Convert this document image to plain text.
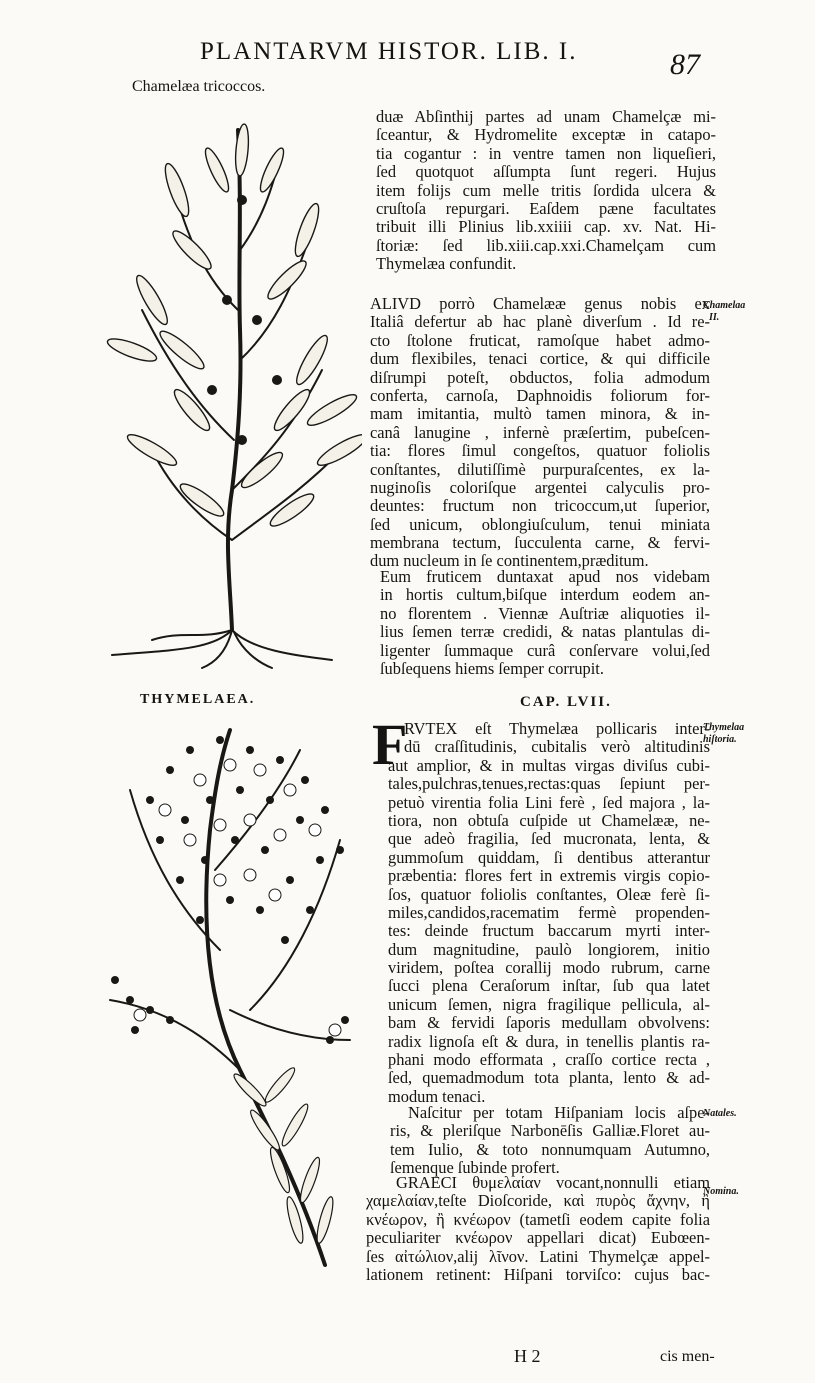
PLANTARVM HISTOR. LIB. I.	87
Chamelæa tricoccos.
THYMELAEA.
duæ Abſinthij partes ad unam Chamelçæ mi-
ſceantur, & Hydromelite exceptæ in catapo-
tia cogantur : in ventre tamen non liqueſieri,
ſed quotquot aſſumpta ſunt regeri. Hujus
item folijs cum melle tritis ſordida ulcera &
cruſtoſa repurgari. Eaſdem pæne facultates
tribuit illi Plinius lib.xxiiii cap. xv. Nat. Hi-
ſtoriæ: ſed lib.xiii.cap.xxi.Chamelçam cum
Thymelæa confundit.
ALIVD porrò Chamelææ genus nobis ex
Italiâ defertur ab hac planè diverſum . Id re-
cto ſtolone fruticat, ramoſque habet admo-
dum flexibiles, tenaci cortice, & qui difficile
diſrumpi poteſt, obductos, folia admodum
conferta, carnoſa, Daphnoidis foliorum for-
mam imitantia, multò tamen minora, & in-
canâ lanugine , infernè præſertim, pubeſcen-
tia: flores ſimul congeſtos, quatuor foliolis
conſtantes, dilutiſſimè purpuraſcentes, ex la-
nuginoſis coloriſque argentei calyculis pro-
deuntes: fructum non tricoccum,ut ſuperior,
ſed unicum, oblongiuſculum, tenui miniata
membrana tectum, ſucculenta carne, & fervi-
dum nucleum in ſe continentem,præditum.
Eum fruticem duntaxat apud nos videbam
in hortis cultum,biſque interdum eodem an-
no florentem . Viennæ Auſtriæ aliquoties il-
lius ſemen terræ credidi, & natas plantulas di-
ligenter ſummaque curâ conſervare volui,ſed
ſubſequens hiems ſemper corrupit.
CAP. LVII.
F
RVTEX eſt Thymelæa pollicaris inter-
dū craſſitudinis, cubitalis verò altitudinis
aut amplior, & in multas virgas diviſus cubi-
tales,pulchras,tenues,rectas:quas ſepiunt per-
petuò virentia folia Lini ferè , ſed majora , la-
tiora, non obtuſa cuſpide ut Chamelææ, ne-
que adeò fragilia, ſed mucronata, lenta, &
gummoſum quiddam, ſi dentibus atterantur
præbentia: flores fert in extremis virgis copio-
ſos, quatuor foliolis conſtantes, Oleæ ferè ſi-
miles,candidos,racematim fermè propenden-
tes: deinde fructum baccarum myrti inter-
dum magnitudine, paulò longiorem, initio
viridem, poſtea corallij modo rubrum, carne
ſucci plena Ceraſorum inſtar, ſub qua latet
unicum ſemen, nigra fragilique pellicula, al-
bam & fervidi ſaporis medullam obvolvens:
radix lignoſa eſt & dura, in tenellis plantis ra-
phani modo efformata , craſſo cortice recta ,
ſed, quemadmodum tota planta, lento & ad-
modum tenaci.
Naſcitur per totam Hiſpaniam locis aſpe-
ris, & pleriſque Narbonēſis Galliæ.Floret au-
tem Iulio, & toto nonnumquam Autumno,
ſemenque ſubinde profert.
GRAECI θυμελαίαν vocant,nonnulli etiam
χαμελαίαν,teſte Dioſcoride, καὶ πυρὸς ἄχνην, ἢ
κνέωρον, ἢ κνέωρον (tametſi eodem capite folia
peculiariter κνέωρον appellari dicat) Eubœen-
ſes αἰτώλιον,alij λῖνον. Latini Thymelçæ appel-
lationem retinent: Hiſpani torviſco: cujus bac-
Chamelaa
II.
Thymelaa
hiſtoria.
Natales.
Nomina.
H 2	cis men-
